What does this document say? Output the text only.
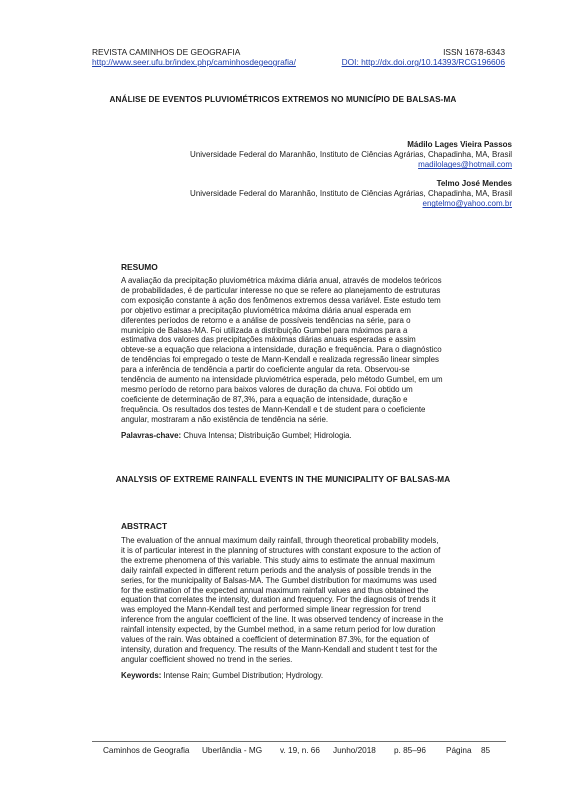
REVISTA CAMINHOS DE GEOGRAFIA	ISSN 1678-6343
http://www.seer.ufu.br/index.php/caminhosdegeografia/	DOI: http://dx.doi.org/10.14393/RCG196606
ANÁLISE DE EVENTOS PLUVIOMÉTRICOS EXTREMOS NO MUNICÍPIO DE BALSAS-MA
Mádilo Lages Vieira Passos
Universidade Federal do Maranhão, Instituto de Ciências Agrárias, Chapadinha, MA, Brasil
madilolages@hotmail.com
Telmo José Mendes
Universidade Federal do Maranhão, Instituto de Ciências Agrárias, Chapadinha, MA, Brasil
engtelmo@yahoo.com.br
RESUMO
A avaliação da precipitação pluviométrica máxima diária anual, através de modelos teóricos
de probabilidades, é de particular interesse no que se refere ao planejamento de estruturas
com exposição constante à ação dos fenômenos extremos dessa variável. Este estudo tem
por objetivo estimar a precipitação pluviométrica máxima diária anual esperada em
diferentes períodos de retorno e a análise de possíveis tendências na série, para o
município de Balsas-MA. Foi utilizada a distribuição Gumbel para máximos para a
estimativa dos valores das precipitações máximas diárias anuais esperadas e assim
obteve-se a equação que relaciona a intensidade, duração e frequência. Para o diagnóstico
de tendências foi empregado o teste de Mann-Kendall e realizada regressão linear simples
para a inferência de tendência a partir do coeficiente angular da reta. Observou-se
tendência de aumento na intensidade pluviométrica esperada, pelo método Gumbel, em um
mesmo período de retorno para baixos valores de duração da chuva. Foi obtido um
coeficiente de determinação de 87,3%, para a equação de intensidade, duração e
frequência. Os resultados dos testes de Mann-Kendall e t de student para o coeficiente
angular, mostraram a não existência de tendência na série.
Palavras-chave: Chuva Intensa; Distribuição Gumbel; Hidrologia.
ANALYSIS OF EXTREME RAINFALL EVENTS IN THE MUNICIPALITY OF BALSAS-MA
ABSTRACT
The evaluation of the annual maximum daily rainfall, through theoretical probability models,
it is of particular interest in the planning of structures with constant exposure to the action of
the extreme phenomena of this variable. This study aims to estimate the annual maximum
daily rainfall expected in different return periods and the analysis of possible trends in the
series, for the municipality of Balsas-MA. The Gumbel distribution for maximums was used
for the estimation of the expected annual maximum rainfall values and thus obtained the
equation that correlates the intensity, duration and frequency. For the diagnosis of trends it
was employed the Mann-Kendall test and performed simple linear regression for trend
inference from the angular coefficient of the line. It was observed tendency of increase in the
rainfall intensity expected, by the Gumbel method, in a same return period for low duration
values of the rain. Was obtained a coefficient of determination 87.3%, for the equation of
intensity, duration and frequency. The results of the Mann-Kendall and student t test for the
angular coefficient showed no trend in the series.
Keywords: Intense Rain; Gumbel Distribution; Hydrology.
Caminhos de Geografia Uberlândia - MG v. 19, n. 66 Junho/2018 p. 85–96 Página 85
